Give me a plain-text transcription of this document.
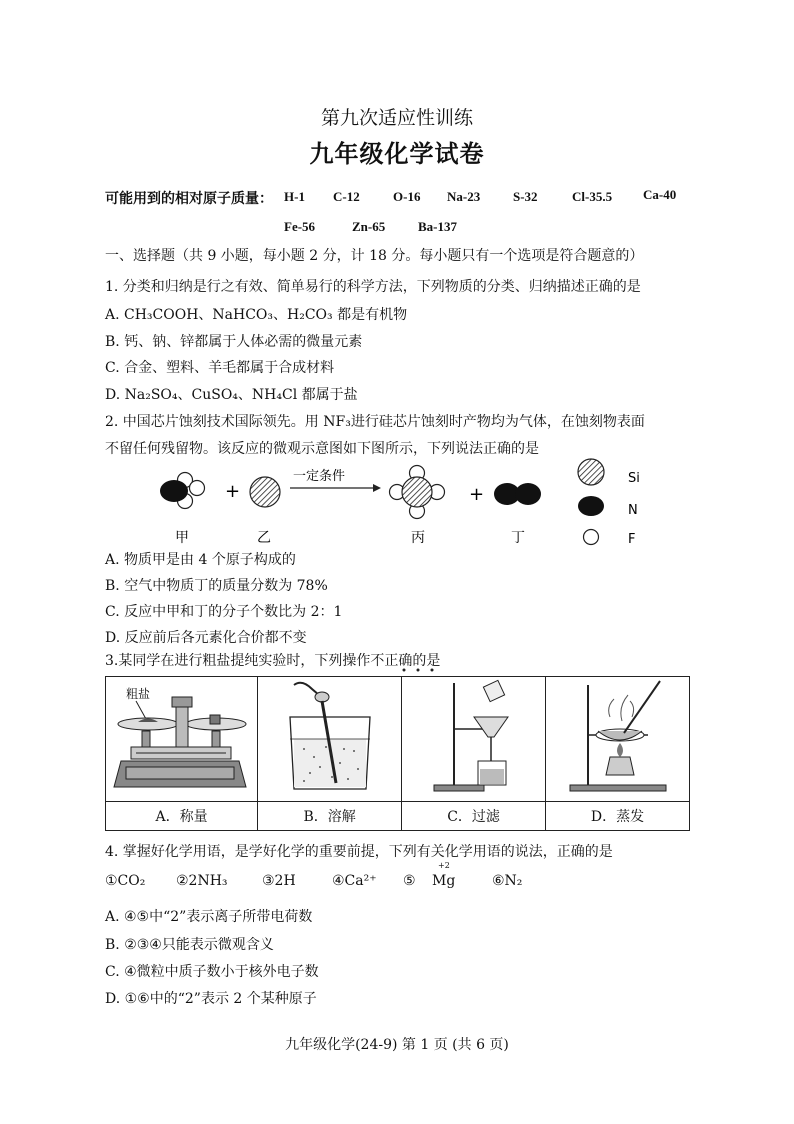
第九次适应性训练
九年级化学试卷
可能用到的相对原子质量： H-1 C-12	O-16 Na-23	S-32	Cl-35.5 Ca-40
Fe-56	Zn-65	Ba-137
一、选择题（共 9 小题，每小题 2 分，计 18 分。每小题只有一个选项是符合题意的）
1. 分类和归纳是行之有效、简单易行的科学方法，下列物质的分类、归纳描述正确的是
A. CH₃COOH、NaHCO₃、H₂CO₃ 都是有机物
B. 钙、钠、锌都属于人体必需的微量元素
C. 合金、塑料、羊毛都属于合成材料
D. Na₂SO₄、CuSO₄、NH₄Cl 都属于盐
2. 中国芯片蚀刻技术国际领先。用 NF₃进行硅芯片蚀刻时产物均为气体，在蚀刻物表面
不留任何残留物。该反应的微观示意图如下图所示，下列说法正确的是
+
一定条件
+
Si
N
F
甲	乙	丙	丁
A. 物质甲是由 4 个原子构成的
B. 空气中物质丁的质量分数为 78%
C. 反应中甲和丁的分子个数比为 2：1
D. 反应前后各元素化合价都不变
3.某同学在进行粗盐提纯实验时，下列操作不正确的是
粗盐

A．称量	B．溶解	C．过滤	D．蒸发
4. 掌握好化学用语，是学好化学的重要前提，下列有关化学用语的说法，正确的是
①CO₂ ②2NH₃ ③2H	④Ca²⁺ ⑤
+2
Mg	⑥N₂
A. ④⑤中“2”表示离子所带电荷数
B. ②③④只能表示微观含义
C. ④微粒中质子数小于核外电子数
D. ①⑥中的“2”表示 2 个某种原子
九年级化学(24-9) 第 1 页 (共 6 页)
